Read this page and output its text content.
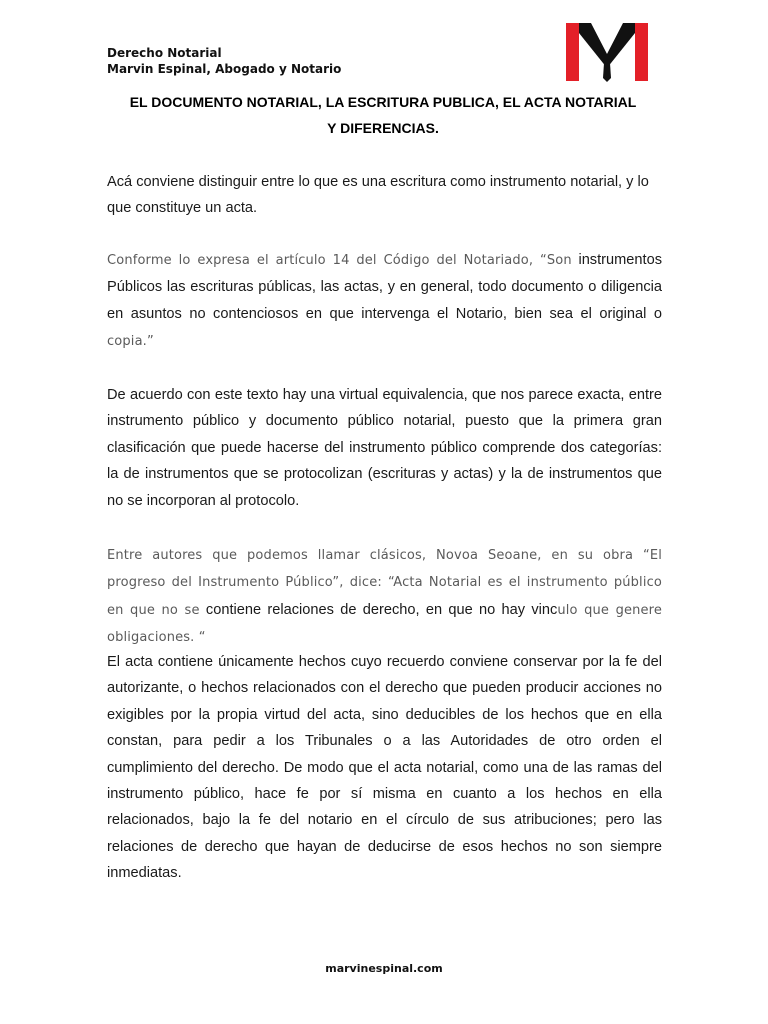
Derecho Notarial
Marvin Espinal, Abogado y Notario
EL DOCUMENTO NOTARIAL, LA ESCRITURA PUBLICA, EL ACTA NOTARIAL
Y DIFERENCIAS.

Acá conviene distinguir entre lo que es una escritura como instrumento notarial, y lo que constituye un acta.

Conforme lo expresa el artículo 14 del Código del Notariado, “Son instrumentos Públicos las escrituras públicas, las actas, y en general, todo documento o diligencia en asuntos no contenciosos en que intervenga el Notario, bien sea el original o copia.”

De acuerdo con este texto hay una virtual equivalencia, que nos parece exacta, entre instrumento público y documento público notarial, puesto que la primera gran clasificación que puede hacerse del instrumento público comprende dos categorías: la de instrumentos que se protocolizan (escrituras y actas) y la de instrumentos que no se incorporan al protocolo.

Entre autores que podemos llamar clásicos, Novoa Seoane, en su obra “El progreso del Instrumento Público”, dice: “Acta Notarial es el instrumento público en que no se contiene relaciones de derecho, en que no hay vinculo que genere obligaciones. “

El acta contiene únicamente hechos cuyo recuerdo conviene conservar por la fe del autorizante, o hechos relacionados con el derecho que pueden producir acciones no exigibles por la propia virtud del acta, sino deducibles de los hechos que en ella constan, para pedir a los Tribunales o a las Autoridades de otro orden el cumplimiento del derecho. De modo que el acta notarial, como una de las ramas del instrumento público, hace fe por sí misma en cuanto a los hechos en ella relacionados, bajo la fe del notario en el círculo de sus atribuciones; pero las relaciones de derecho que hayan de deducirse de esos hechos no son siempre inmediatas.

marvinespinal.com
